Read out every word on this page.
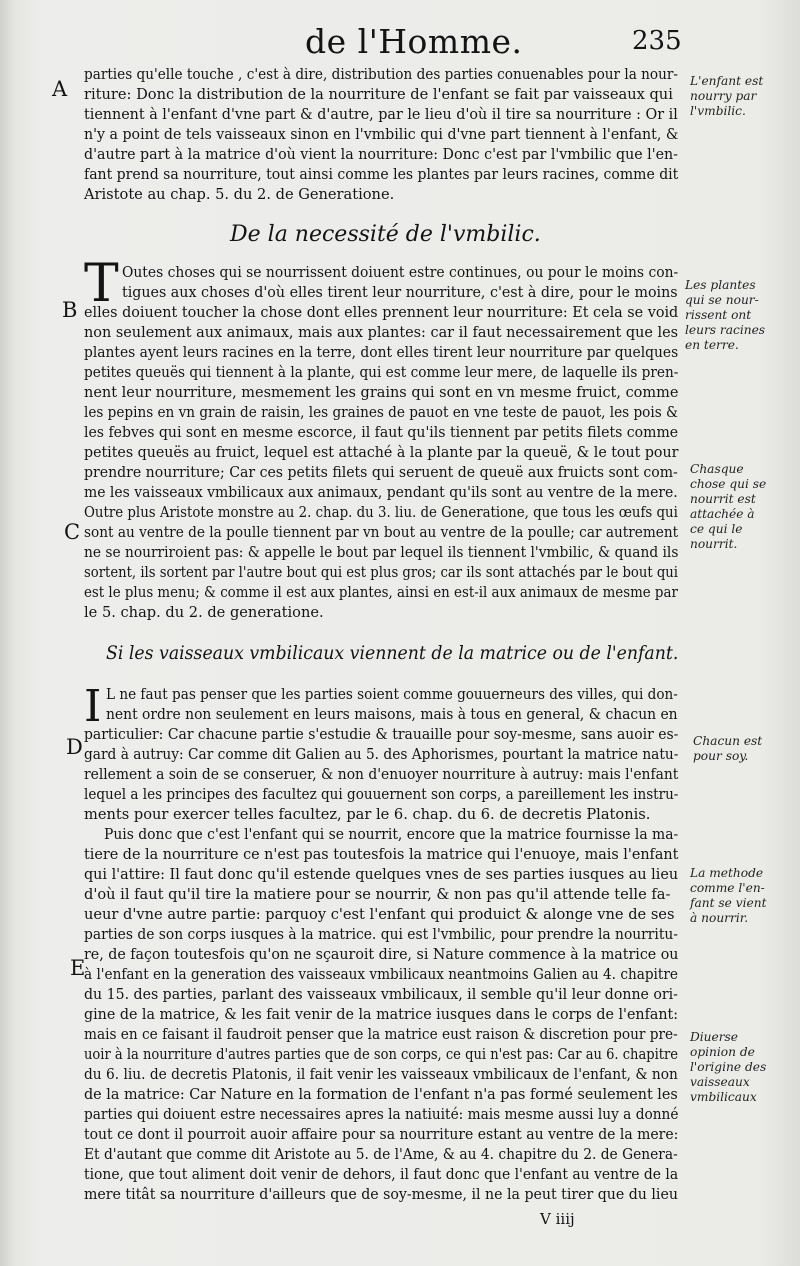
de l'Homme.	235
A
B
C
D
E
parties qu'elle touche , c'est à dire, distribution des parties conuenables pour la nour-
riture: Donc la distribution de la nourriture de l'enfant se fait par vaisseaux qui
tiennent à l'enfant d'vne part & d'autre, par le lieu d'où il tire sa nourriture : Or il
n'y a point de tels vaisseaux sinon en l'vmbilic qui d'vne part tiennent à l'enfant, &
d'autre part à la matrice d'où vient la nourriture: Donc c'est par l'vmbilic que l'en-
fant prend sa nourriture, tout ainsi comme les plantes par leurs racines, comme dit
Aristote au chap. 5. du 2. de Generatione.
De la necessité de l'vmbilic.
T Outes choses qui se nourrissent doiuent estre continues, ou pour le moins con-
tigues aux choses d'où elles tirent leur nourriture, c'est à dire, pour le moins
elles doiuent toucher la chose dont elles prennent leur nourriture: Et cela se void
non seulement aux animaux, mais aux plantes: car il faut necessairement que les
plantes ayent leurs racines en la terre, dont elles tirent leur nourriture par quelques
petites queuës qui tiennent à la plante, qui est comme leur mere, de laquelle ils pren-
nent leur nourriture, mesmement les grains qui sont en vn mesme fruict, comme
les pepins en vn grain de raisin, les graines de pauot en vne teste de pauot, les pois &
les febves qui sont en mesme escorce, il faut qu'ils tiennent par petits filets comme
petites queuës au fruict, lequel est attaché à la plante par la queuë, & le tout pour
prendre nourriture; Car ces petits filets qui seruent de queuë aux fruicts sont com-
me les vaisseaux vmbilicaux aux animaux, pendant qu'ils sont au ventre de la mere.
Outre plus Aristote monstre au 2. chap. du 3. liu. de Generatione, que tous les œufs qui
sont au ventre de la poulle tiennent par vn bout au ventre de la poulle; car autrement
ne se nourriroient pas: & appelle le bout par lequel ils tiennent l'vmbilic, & quand ils
sortent, ils sortent par l'autre bout qui est plus gros; car ils sont attachés par le bout qui
est le plus menu; & comme il est aux plantes, ainsi en est-il aux animaux de mesme par
le 5. chap. du 2. de generatione.
Si les vaisseaux vmbilicaux viennent de la matrice ou de l'enfant.
I L ne faut pas penser que les parties soient comme gouuerneurs des villes, qui don-
nent ordre non seulement en leurs maisons, mais à tous en general, & chacun en
particulier: Car chacune partie s'estudie & trauaille pour soy-mesme, sans auoir es-
gard à autruy: Car comme dit Galien au 5. des Aphorismes, pourtant la matrice natu-
rellement a soin de se conseruer, & non d'enuoyer nourriture à autruy: mais l'enfant
lequel a les principes des facultez qui gouuernent son corps, a pareillement les instru-
ments pour exercer telles facultez, par le 6. chap. du 6. de decretis Platonis.
Puis donc que c'est l'enfant qui se nourrit, encore que la matrice fournisse la ma-
tiere de la nourriture ce n'est pas toutesfois la matrice qui l'enuoye, mais l'enfant
qui l'attire: Il faut donc qu'il estende quelques vnes de ses parties iusques au lieu
d'où il faut qu'il tire la matiere pour se nourrir, & non pas qu'il attende telle fa-
ueur d'vne autre partie: parquoy c'est l'enfant qui produict & alonge vne de ses
parties de son corps iusques à la matrice. qui est l'vmbilic, pour prendre la nourritu-
re, de façon toutesfois qu'on ne sçauroit dire, si Nature commence à la matrice ou
à l'enfant en la generation des vaisseaux vmbilicaux neantmoins Galien au 4. chapitre
du 15. des parties, parlant des vaisseaux vmbilicaux, il semble qu'il leur donne ori-
gine de la matrice, & les fait venir de la matrice iusques dans le corps de l'enfant:
mais en ce faisant il faudroit penser que la matrice eust raison & discretion pour pre-
uoir à la nourriture d'autres parties que de son corps, ce qui n'est pas: Car au 6. chapitre
du 6. liu. de decretis Platonis, il fait venir les vaisseaux vmbilicaux de l'enfant, & non
de la matrice: Car Nature en la formation de l'enfant n'a pas formé seulement les
parties qui doiuent estre necessaires apres la natiuité: mais mesme aussi luy a donné
tout ce dont il pourroit auoir affaire pour sa nourriture estant au ventre de la mere:
Et d'autant que comme dit Aristote au 5. de l'Ame, & au 4. chapitre du 2. de Genera-
tione, que tout aliment doit venir de dehors, il faut donc que l'enfant au ventre de la
mere titât sa nourriture d'ailleurs que de soy-mesme, il ne la peut tirer que du lieu
V iiij
L'enfant est
nourry par
l'vmbilic.
Les plantes
qui se nour-
rissent ont
leurs racines
en terre.
Chasque
chose qui se
nourrit est
attachée à
ce qui le
nourrit.
Chacun est
pour soy.
La methode
comme l'en-
fant se vient
à nourrir.
Diuerse
opinion de
l'origine des
vaisseaux
vmbilicaux
